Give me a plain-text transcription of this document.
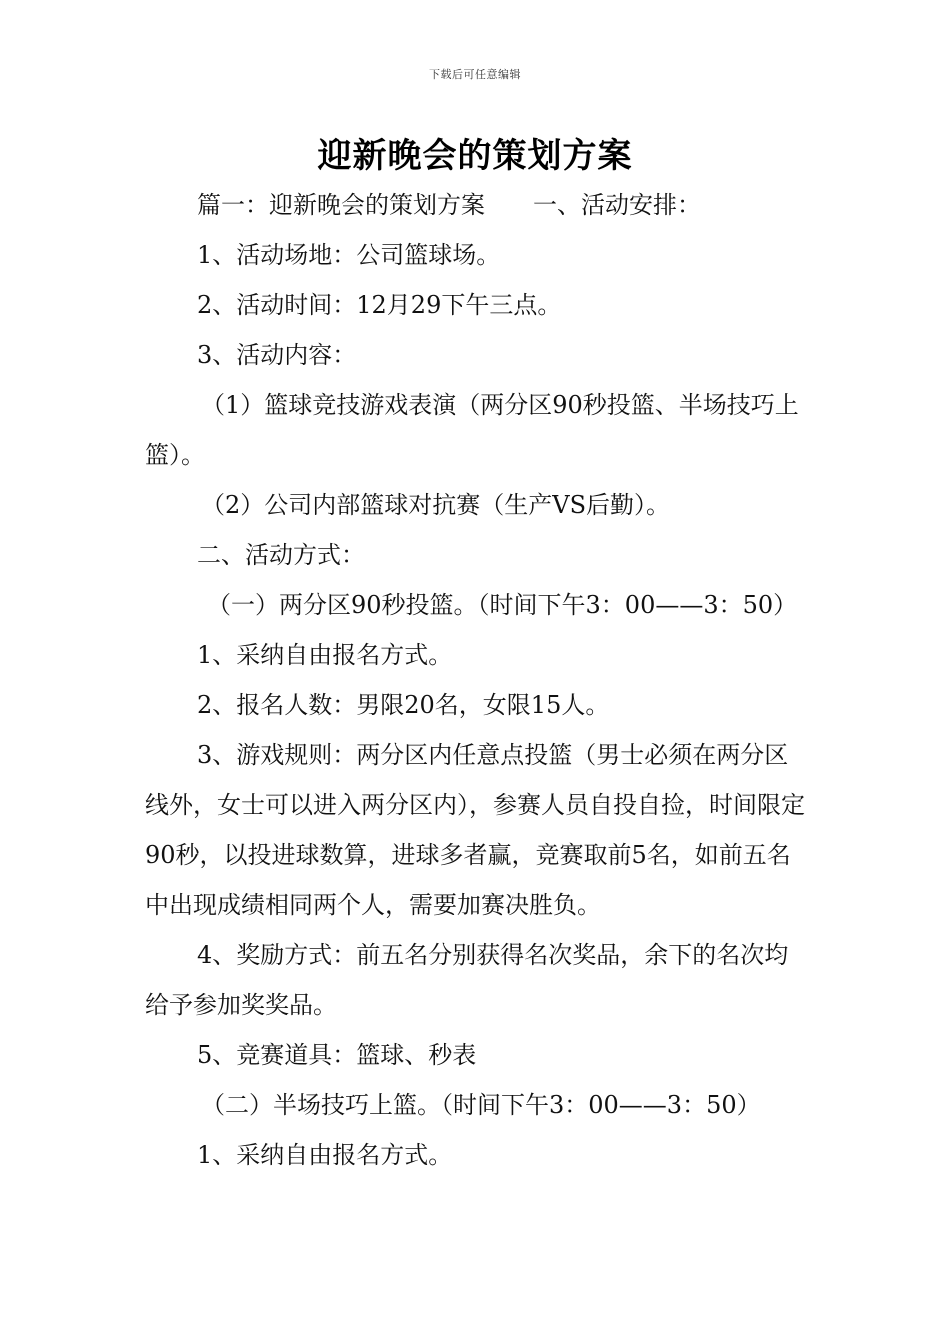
下载后可任意编辑
迎新晚会的策划方案

篇一：迎新晚会的策划方案　　一、活动安排：

1、活动场地：公司篮球场。

2、活动时间：12月29下午三点。

3、活动内容：

（1）篮球竞技游戏表演（两分区90秒投篮、半场技巧上篮）。

（2）公司内部篮球对抗赛（生产VS后勤）。

二、活动方式：

（一）两分区90秒投篮。（时间下午3：00——3：50）

1、采纳自由报名方式。

2、报名人数：男限20名，女限15人。

3、游戏规则：两分区内任意点投篮（男士必须在两分区线外，女士可以进入两分区内），参赛人员自投自捡，时间限定90秒，以投进球数算，进球多者赢，竞赛取前5名，如前五名中出现成绩相同两个人，需要加赛决胜负。

4、奖励方式：前五名分别获得名次奖品，余下的名次均给予参加奖奖品。

5、竞赛道具：篮球、秒表

（二）半场技巧上篮。（时间下午3：00——3：50）

1、采纳自由报名方式。
